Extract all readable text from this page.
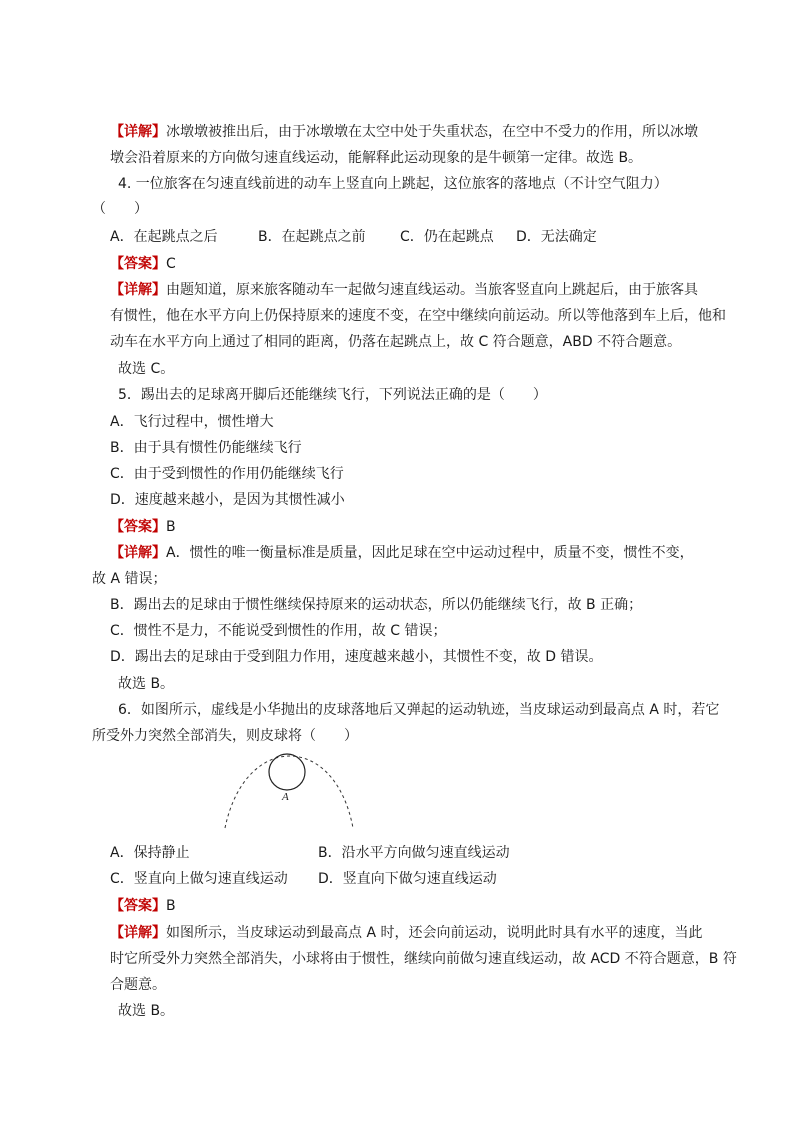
【详解】冰墩墩被推出后，由于冰墩墩在太空中处于失重状态，在空中不受力的作用，所以冰墩
墩会沿着原来的方向做匀速直线运动，能解释此运动现象的是牛顿第一定律。故选 B。
4. 一位旅客在匀速直线前进的动车上竖直向上跳起，这位旅客的落地点（不计空气阻力）
（　　）
A．在起跳点之后	B．在起跳点之前 C．仍在起跳点 D．无法确定
【答案】C
【详解】由题知道，原来旅客随动车一起做匀速直线运动。当旅客竖直向上跳起后，由于旅客具
有惯性，他在水平方向上仍保持原来的速度不变，在空中继续向前运动。所以等他落到车上后，他和
动车在水平方向上通过了相同的距离，仍落在起跳点上，故 C 符合题意，ABD 不符合题意。
故选 C。
5．踢出去的足球离开脚后还能继续飞行，下列说法正确的是（　　）
A．飞行过程中，惯性增大
B．由于具有惯性仍能继续飞行
C．由于受到惯性的作用仍能继续飞行
D．速度越来越小，是因为其惯性减小
【答案】B
【详解】A．惯性的唯一衡量标准是质量，因此足球在空中运动过程中，质量不变，惯性不变，
故 A 错误；
B．踢出去的足球由于惯性继续保持原来的运动状态，所以仍能继续飞行，故 B 正确；
C．惯性不是力，不能说受到惯性的作用，故 C 错误；
D．踢出去的足球由于受到阻力作用，速度越来越小，其惯性不变，故 D 错误。
故选 B。
6．如图所示，虚线是小华抛出的皮球落地后又弹起的运动轨迹，当皮球运动到最高点 A 时，若它
所受外力突然全部消失，则皮球将（　　）
A
A．保持静止	B．沿水平方向做匀速直线运动
C．竖直向上做匀速直线运动 D．竖直向下做匀速直线运动
【答案】B
【详解】如图所示，当皮球运动到最高点 A 时，还会向前运动，说明此时具有水平的速度，当此
时它所受外力突然全部消失，小球将由于惯性，继续向前做匀速直线运动，故 ACD 不符合题意，B 符
合题意。
故选 B。
